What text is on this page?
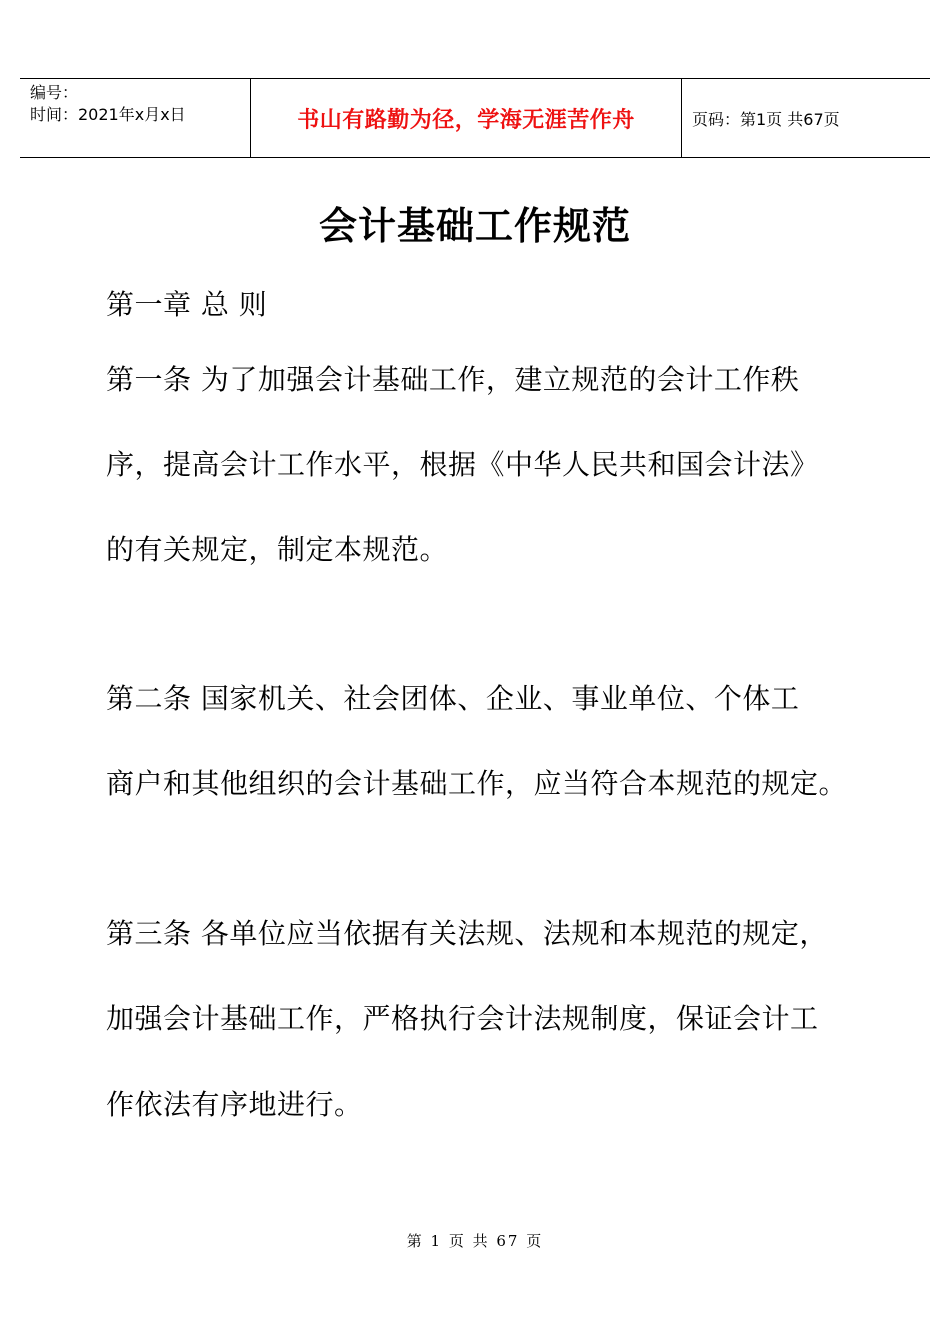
编号：
时间：2021年x月x日	书山有路勤为径，学海无涯苦作舟	页码：第1页 共67页
会计基础工作规范
第一章 总 则
第一条 为了加强会计基础工作，建立规范的会计工作秩
序，提高会计工作水平，根据《中华人民共和国会计法》
的有关规定，制定本规范。
第二条 国家机关、社会团体、企业、事业单位、个体工
商户和其他组织的会计基础工作，应当符合本规范的规定。
第三条 各单位应当依据有关法规、法规和本规范的规定，
加强会计基础工作，严格执行会计法规制度，保证会计工
作依法有序地进行。
第 1 页 共 67 页
